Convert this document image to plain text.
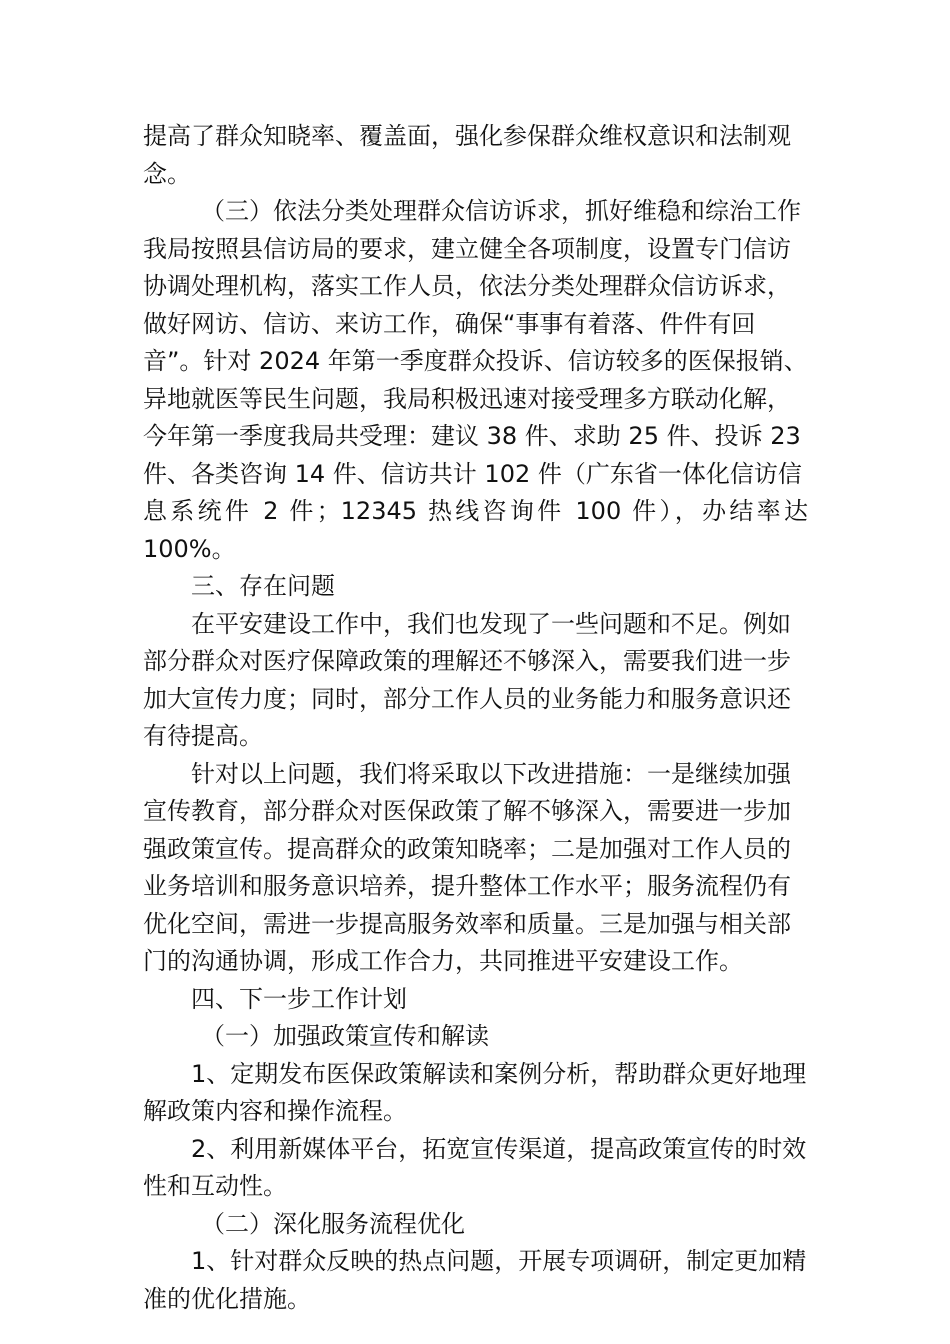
提高了群众知晓率、覆盖面，强化参保群众维权意识和法制观
念。
（三）依法分类处理群众信访诉求，抓好维稳和综治工作
我局按照县信访局的要求，建立健全各项制度，设置专门信访
协调处理机构，落实工作人员，依法分类处理群众信访诉求，
做好网访、信访、来访工作，确保“事事有着落、件件有回
音”。针对 2024 年第一季度群众投诉、信访较多的医保报销、
异地就医等民生问题，我局积极迅速对接受理多方联动化解，
今年第一季度我局共受理：建议 38 件、求助 25 件、投诉 23
件、各类咨询 14 件、信访共计 102 件（广东省一体化信访信
息系统件 2 件；12345 热线咨询件 100 件），办结率达
100%。
三、存在问题
在平安建设工作中，我们也发现了一些问题和不足。例如
部分群众对医疗保障政策的理解还不够深入，需要我们进一步
加大宣传力度；同时，部分工作人员的业务能力和服务意识还
有待提高。
针对以上问题，我们将采取以下改进措施：一是继续加强
宣传教育，部分群众对医保政策了解不够深入，需要进一步加
强政策宣传。提高群众的政策知晓率；二是加强对工作人员的
业务培训和服务意识培养，提升整体工作水平；服务流程仍有
优化空间，需进一步提高服务效率和质量。三是加强与相关部
门的沟通协调，形成工作合力，共同推进平安建设工作。
四、下一步工作计划
（一）加强政策宣传和解读
1、定期发布医保政策解读和案例分析，帮助群众更好地理
解政策内容和操作流程。
2、利用新媒体平台，拓宽宣传渠道，提高政策宣传的时效
性和互动性。
（二）深化服务流程优化
1、针对群众反映的热点问题，开展专项调研，制定更加精
准的优化措施。
